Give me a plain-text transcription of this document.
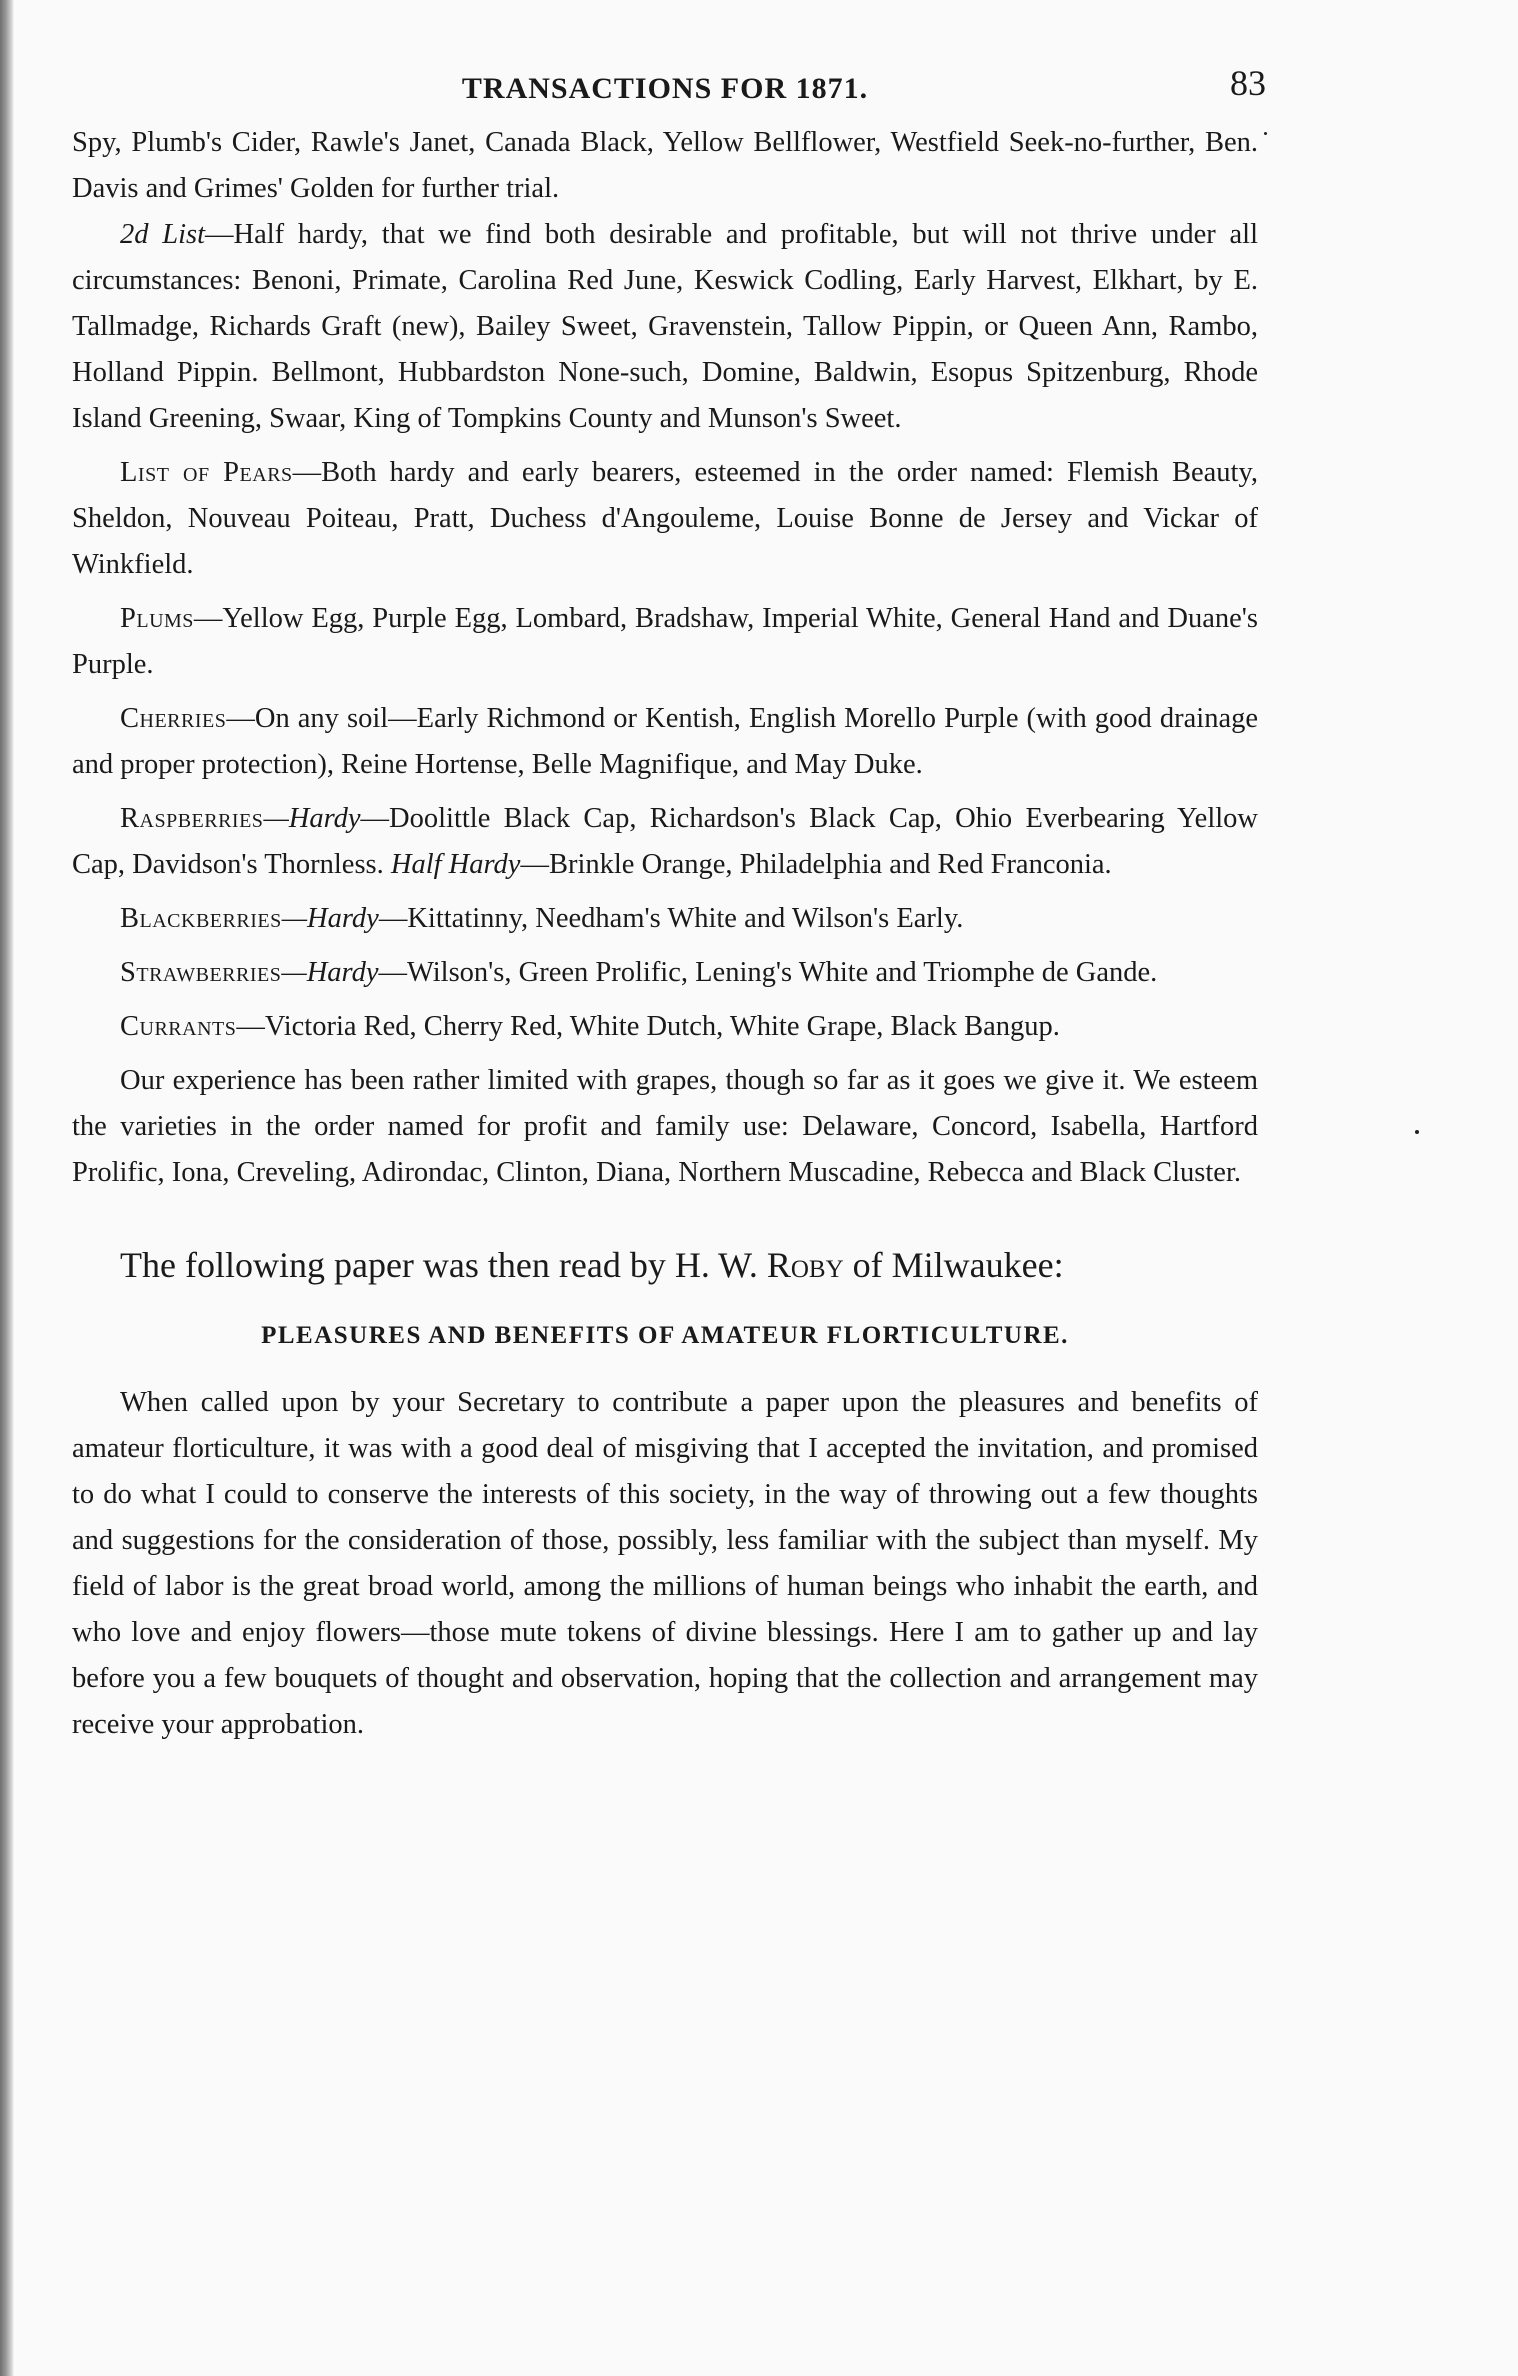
TRANSACTIONS FOR 1871.	83

Spy, Plumb's Cider, Rawle's Janet, Canada Black, Yellow Bellflower, Westfield Seek-no-further, Ben. Davis and Grimes' Golden for further trial.

2d List—Half hardy, that we find both desirable and profitable, but will not thrive under all circumstances: Benoni, Primate, Carolina Red June, Keswick Codling, Early Harvest, Elkhart, by E. Tallmadge, Richards Graft (new), Bailey Sweet, Gravenstein, Tallow Pippin, or Queen Ann, Rambo, Holland Pippin. Bellmont, Hubbardston None-such, Domine, Baldwin, Esopus Spitzenburg, Rhode Island Greening, Swaar, King of Tompkins County and Munson's Sweet.

List of Pears—Both hardy and early bearers, esteemed in the order named: Flemish Beauty, Sheldon, Nouveau Poiteau, Pratt, Duchess d'Angouleme, Louise Bonne de Jersey and Vickar of Winkfield.

Plums—Yellow Egg, Purple Egg, Lombard, Bradshaw, Imperial White, General Hand and Duane's Purple.

Cherries—On any soil—Early Richmond or Kentish, English Morello Purple (with good drainage and proper protection), Reine Hortense, Belle Magnifique, and May Duke.

Raspberries—Hardy—Doolittle Black Cap, Richardson's Black Cap, Ohio Everbearing Yellow Cap, Davidson's Thornless. Half Hardy—Brinkle Orange, Philadelphia and Red Franconia.

Blackberries—Hardy—Kittatinny, Needham's White and Wilson's Early.

Strawberries—Hardy—Wilson's, Green Prolific, Lening's White and Triomphe de Gande.

Currants—Victoria Red, Cherry Red, White Dutch, White Grape, Black Bangup.

Our experience has been rather limited with grapes, though so far as it goes we give it. We esteem the varieties in the order named for profit and family use: Delaware, Concord, Isabella, Hartford Prolific, Iona, Creveling, Adirondac, Clinton, Diana, Northern Muscadine, Rebecca and Black Cluster.

The following paper was then read by H. W. Roby of Milwaukee:

PLEASURES AND BENEFITS OF AMATEUR FLORTICULTURE.

When called upon by your Secretary to contribute a paper upon the pleasures and benefits of amateur florticulture, it was with a good deal of misgiving that I accepted the invitation, and promised to do what I could to conserve the interests of this society, in the way of throwing out a few thoughts and suggestions for the consideration of those, possibly, less familiar with the subject than myself. My field of labor is the great broad world, among the millions of human beings who inhabit the earth, and who love and enjoy flowers—those mute tokens of divine blessings. Here I am to gather up and lay before you a few bouquets of thought and observation, hoping that the collection and arrangement may receive your approbation.
